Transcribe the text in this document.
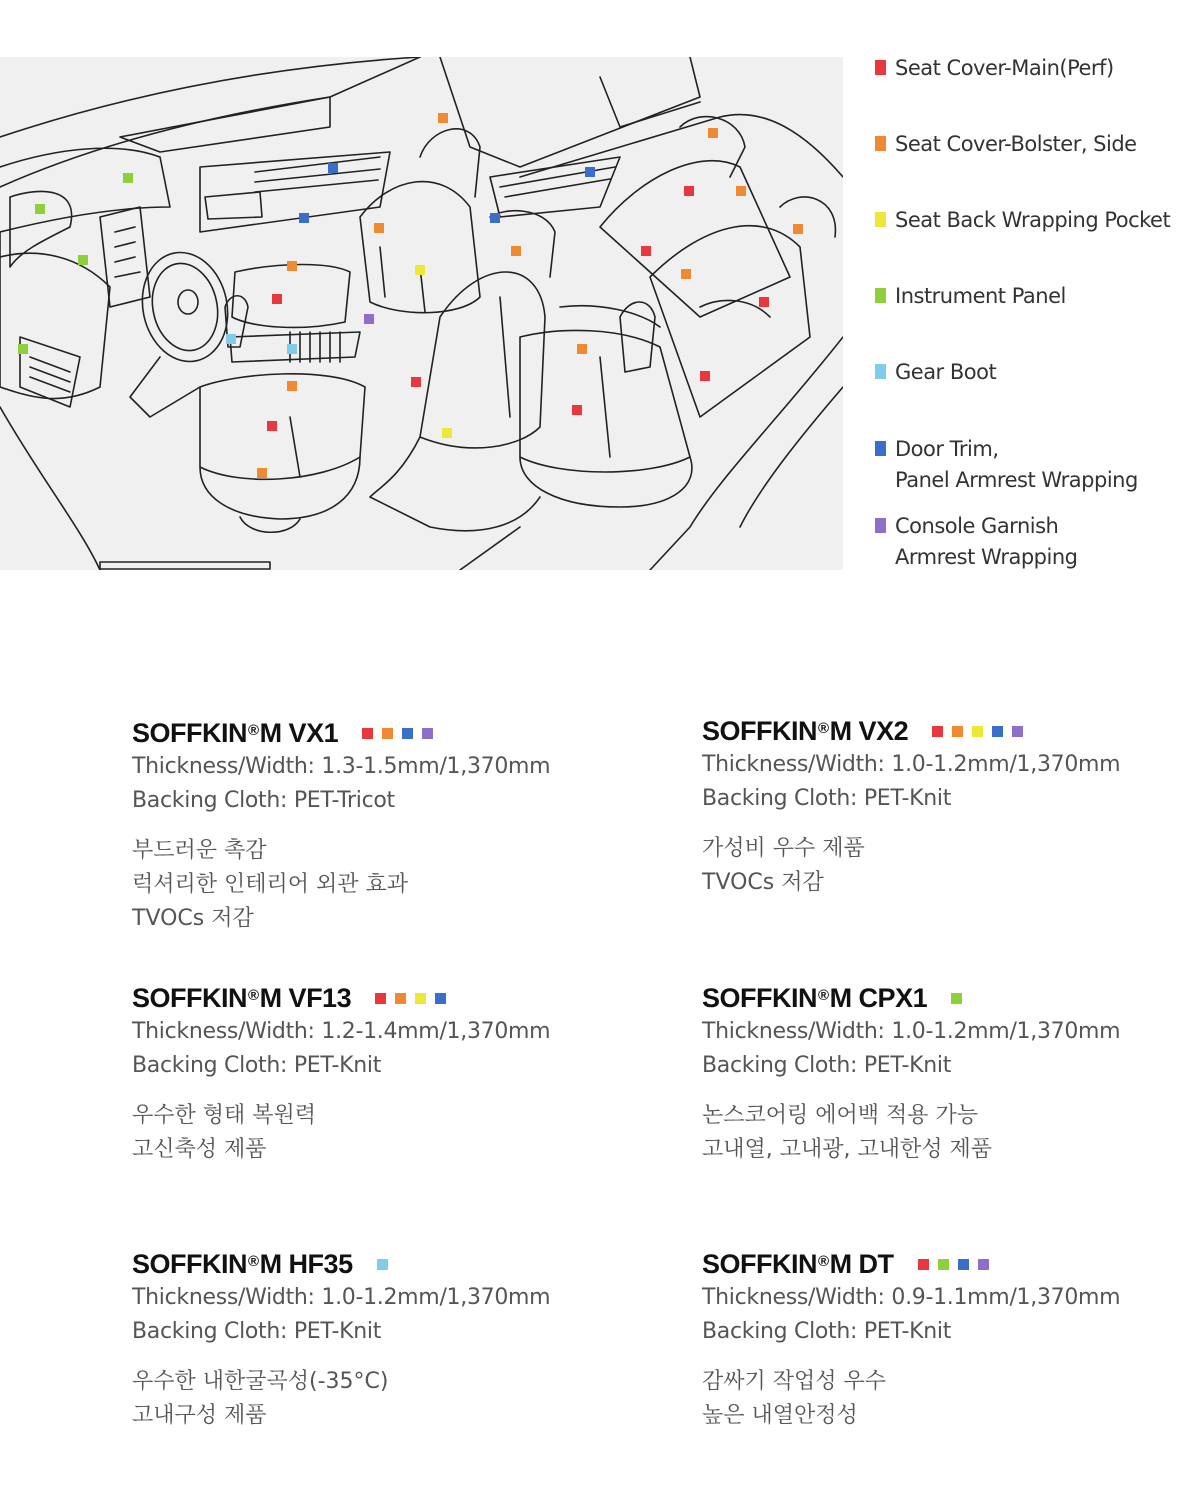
Seat Cover-Main(Perf)
Seat Cover-Bolster, Side
Seat Back Wrapping Pocket
Instrument Panel
Gear Boot
Door Trim,
Panel Armrest Wrapping
Console Garnish
Armrest Wrapping
SOFFKIN® M VX1
Thickness/Width: 1.3-1.5mm/1,370mm
Backing Cloth: PET-Tricot
부드러운 촉감
럭셔리한 인테리어 외관 효과
TVOCs 저감
SOFFKIN® M VX2
Thickness/Width: 1.0-1.2mm/1,370mm
Backing Cloth: PET-Knit
가성비 우수 제품
TVOCs 저감
SOFFKIN® M VF13
Thickness/Width: 1.2-1.4mm/1,370mm
Backing Cloth: PET-Knit
우수한 형태 복원력
고신축성 제품
SOFFKIN® M CPX1
Thickness/Width: 1.0-1.2mm/1,370mm
Backing Cloth: PET-Knit
논스코어링 에어백 적용 가능
고내열, 고내광, 고내한성 제품
SOFFKIN® M HF35
Thickness/Width: 1.0-1.2mm/1,370mm
Backing Cloth: PET-Knit
우수한 내한굴곡성(-35°C)
고내구성 제품
SOFFKIN® M DT
Thickness/Width: 0.9-1.1mm/1,370mm
Backing Cloth: PET-Knit
감싸기 작업성 우수
높은 내열안정성
